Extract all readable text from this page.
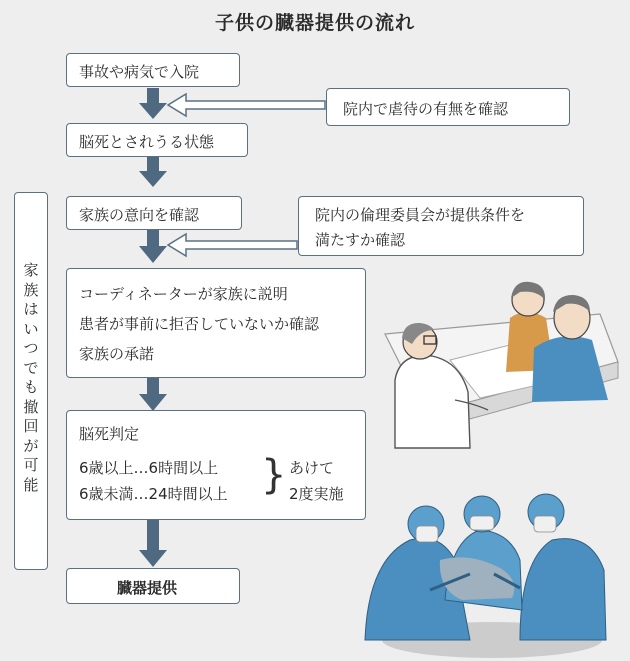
子供の臓器提供の流れ
事故や病気で入院
院内で虐待の有無を確認
脳死とされうる状態
家
族
は
い
つ
で
も
撤
回
が
可
能
家族の意向を確認	院内の倫理委員会が提供条件を
満たすか確認
コーディネーターが家族に説明
患者が事前に拒否していないか確認
家族の承諾
脳死判定
6歳以上…6時間以上
6歳未満…24時間以上 } あけて
2度実施
臓器提供
